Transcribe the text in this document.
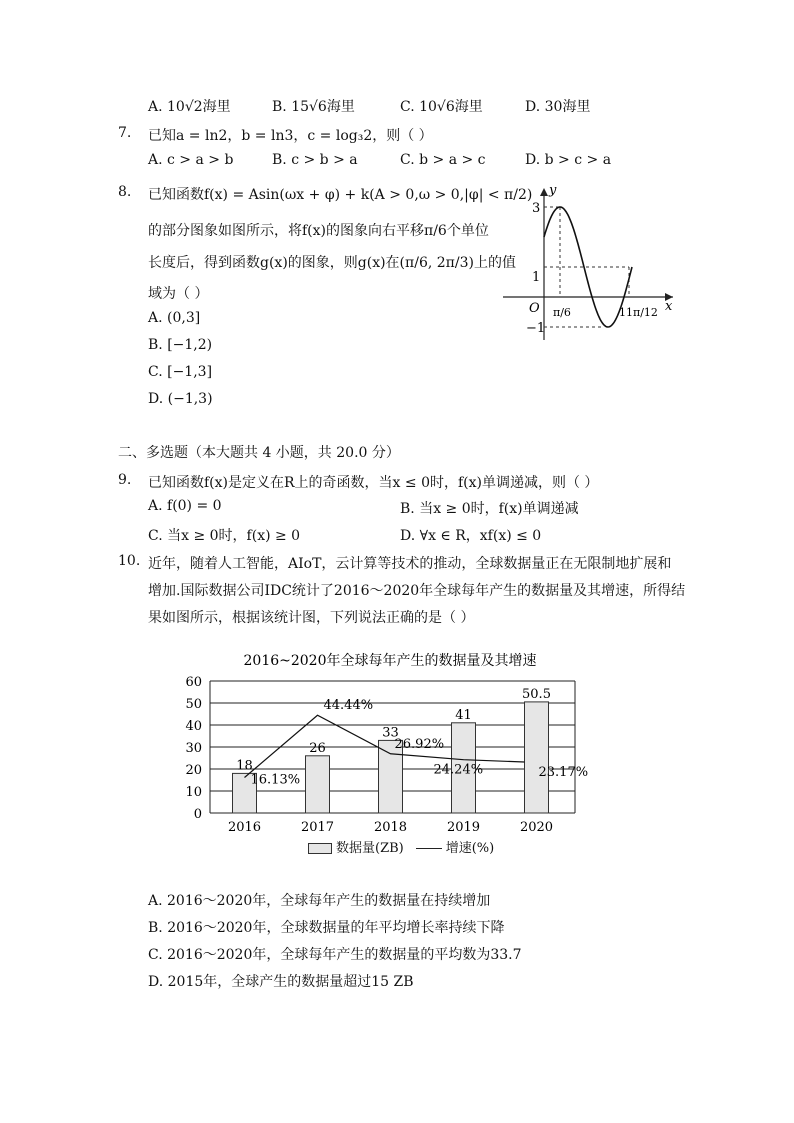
A. 10√2海里	B. 15√6海里	C. 10√6海里	D. 30海里
7. 已知a = ln2，b = ln3，c = log₃2，则（ ）
A. c > a > b	B. c > b > a	C. b > a > c	D. b > c > a
8. 已知函数f(x) = Asin(ωx + φ) + k(A > 0,ω > 0,|φ| < π/2)
的部分图象如图所示，将f(x)的图象向右平移π/6个单位
长度后，得到函数g(x)的图象，则g(x)在(π/6, 2π/3)上的值
域为（ ）
A. (0,3]
B. [−1,2)
C. [−1,3]
D. (−1,3)
y
x
O
3
1
−1
π/6	11π/12
二、多选题（本大题共 4 小题，共 20.0 分）
9. 已知函数f(x)是定义在R上的奇函数，当x ≤ 0时，f(x)单调递减，则（ ）
A. f(0) = 0	B. 当x ≥ 0时，f(x)单调递减
C. 当x ≥ 0时，f(x) ≥ 0	D. ∀x ∈ R，xf(x) ≤ 0
10. 近年，随着人工智能，AIoT，云计算等技术的推动，全球数据量正在无限制地扩展和
增加.国际数据公司IDC统计了2016～2020年全球每年产生的数据量及其增速，所得结
果如图所示，根据该统计图，下列说法正确的是（ ）
2016~2020年全球每年产生的数据量及其增速
0
10
20
30
40
50
60
18
2016
26
2017
33
2018
41
2019
50.5
2020
16.13%
44.44%
26.92%
24.24%	23.17%
数据量(ZB)	增速(%)
A. 2016～2020年，全球每年产生的数据量在持续增加
B. 2016～2020年，全球数据量的年平均增长率持续下降
C. 2016～2020年，全球每年产生的数据量的平均数为33.7
D. 2015年，全球产生的数据量超过15 ZB
